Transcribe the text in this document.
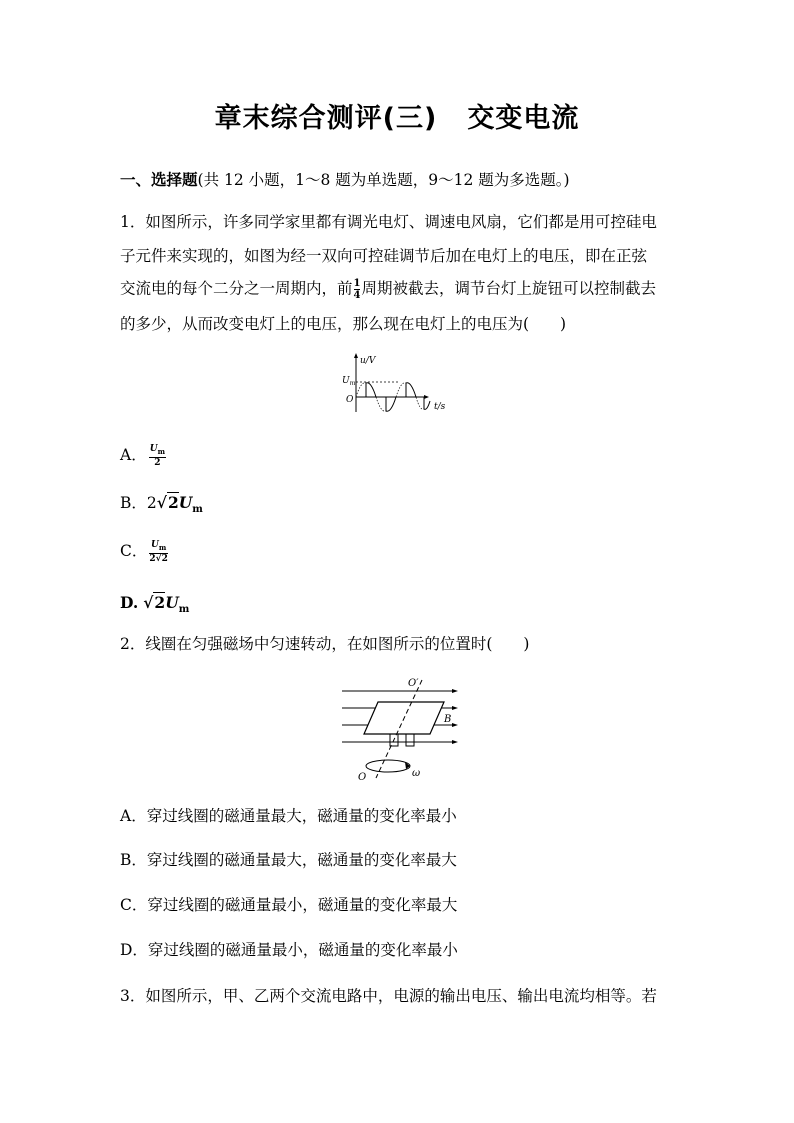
章末综合测评(三) 交变电流
一、选择题(共 12 小题，1～8 题为单选题，9～12 题为多选题。)
1．如图所示，许多同学家里都有调光电灯、调速电风扇，它们都是用可控硅电
子元件来实现的，如图为经一双向可控硅调节后加在电灯上的电压，即在正弦
交流电的每个二分之一周期内，前 $\frac{1}{4}$周期被截去，调节台灯上旋钮可以控制截去
的多少，从而改变电灯上的电压，那么现在电灯上的电压为(　　)
u/V
$U_m$
O
t/s
A． $\frac{U_m}{2}$
B．$2√2U_m$
C． $\frac{U_m}{2√2}$
D. $√2U_m$
2．线圈在匀强磁场中匀速转动，在如图所示的位置时(　　)
O′
B
O	ω
A．穿过线圈的磁通量最大，磁通量的变化率最小
B．穿过线圈的磁通量最大，磁通量的变化率最大
C．穿过线圈的磁通量最小，磁通量的变化率最大
D．穿过线圈的磁通量最小，磁通量的变化率最小
3．如图所示，甲、乙两个交流电路中，电源的输出电压、输出电流均相等。若
